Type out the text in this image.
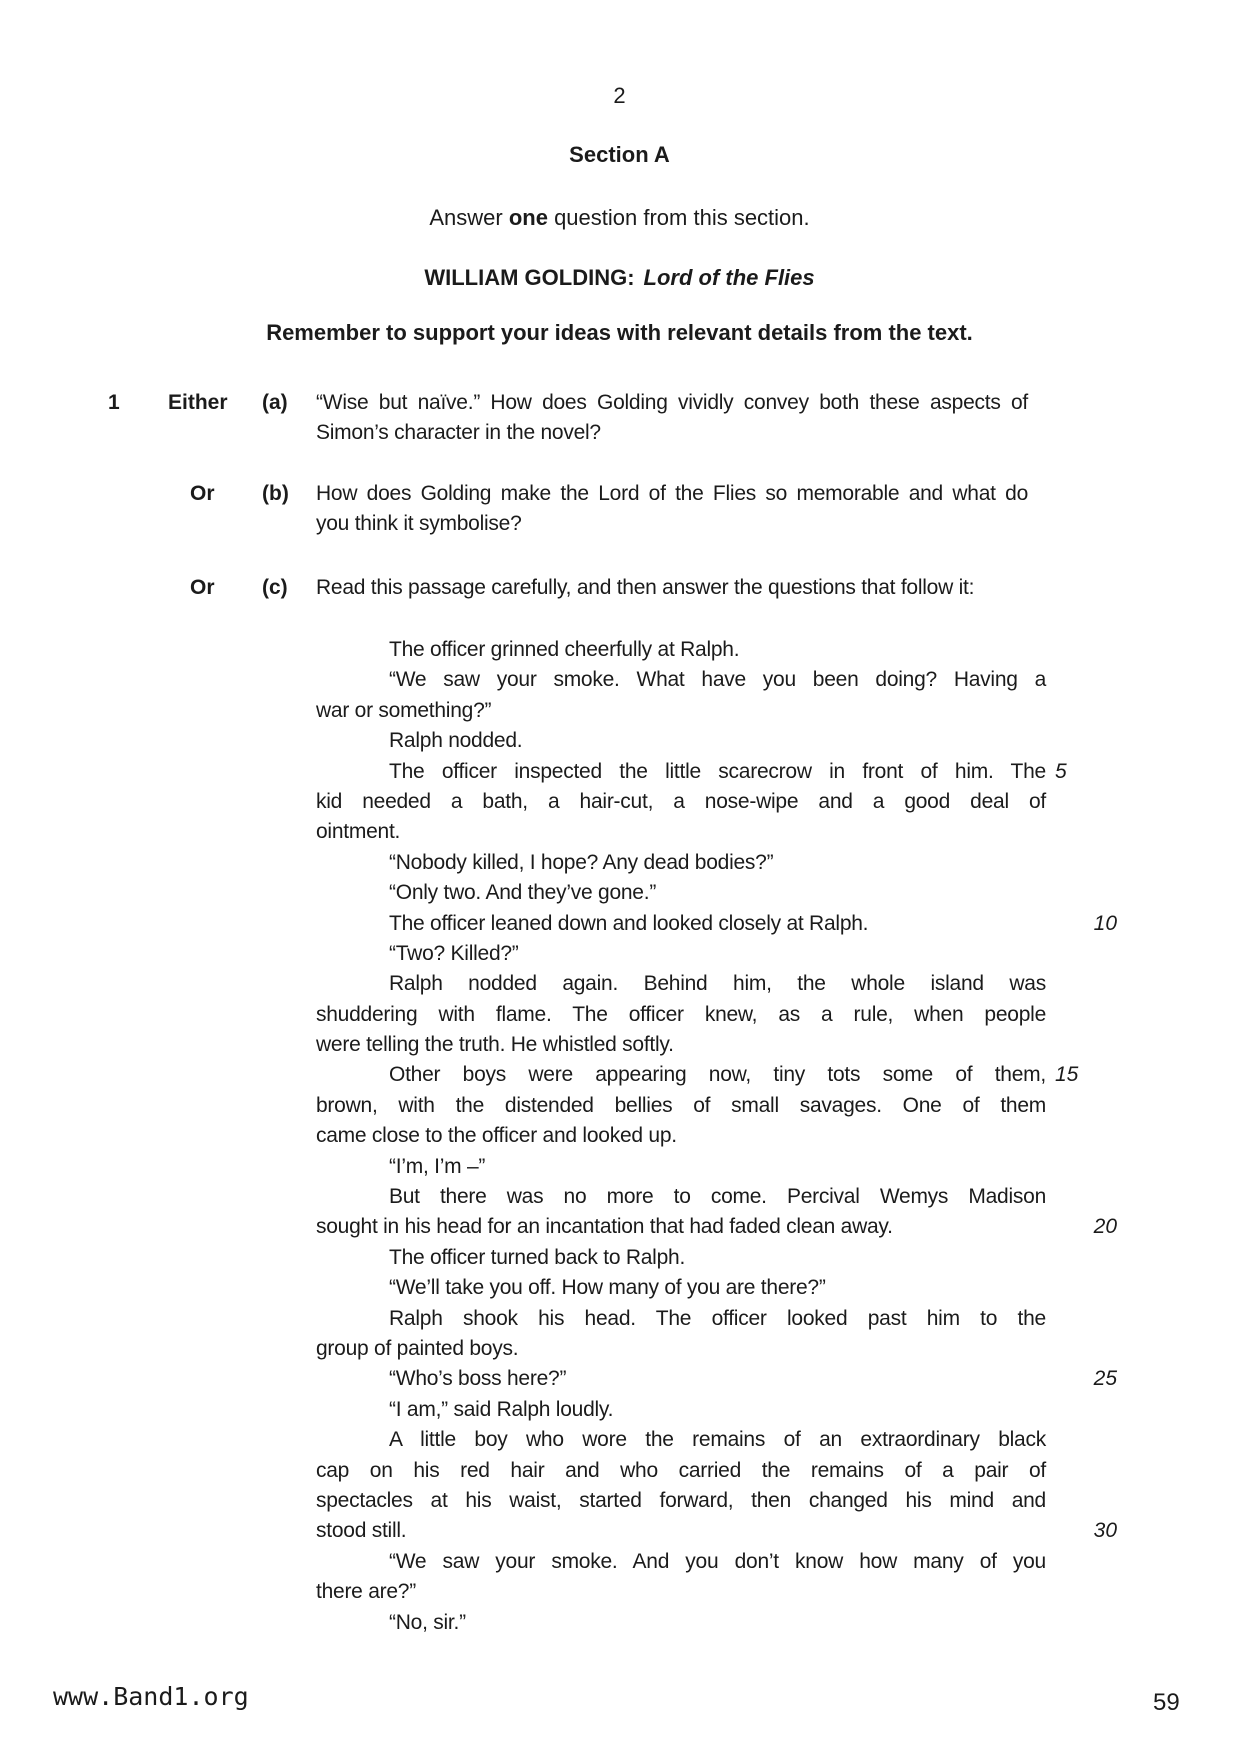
2
Section A
Answer one question from this section.
WILLIAM GOLDING: Lord of the Flies
Remember to support your ideas with relevant details from the text.
1 Either (a) “Wise but naïve.” How does Golding vividly convey both these aspects of
Simon’s character in the novel?
Or (b) How does Golding make the Lord of the Flies so memorable and what do
you think it symbolise?
Or (c) Read this passage carefully, and then answer the questions that follow it:
The officer grinned cheerfully at Ralph.
“We saw your smoke. What have you been doing? Having a
war or something?”
Ralph nodded.
The officer inspected the little scarecrow in front of him. The 5
kid needed a bath, a hair-cut, a nose-wipe and a good deal of
ointment.
“Nobody killed, I hope? Any dead bodies?”
“Only two. And they’ve gone.”
The officer leaned down and looked closely at Ralph.	10
“Two? Killed?”
Ralph nodded again. Behind him, the whole island was
shuddering with flame. The officer knew, as a rule, when people
were telling the truth. He whistled softly.
Other boys were appearing now, tiny tots some of them, 15
brown, with the distended bellies of small savages. One of them
came close to the officer and looked up.
“I’m, I’m –”
But there was no more to come. Percival Wemys Madison
sought in his head for an incantation that had faded clean away.	20
The officer turned back to Ralph.
“We’ll take you off. How many of you are there?”
Ralph shook his head. The officer looked past him to the
group of painted boys.
“Who’s boss here?”	25
“I am,” said Ralph loudly.
A little boy who wore the remains of an extraordinary black
cap on his red hair and who carried the remains of a pair of
spectacles at his waist, started forward, then changed his mind and
stood still.	30
“We saw your smoke. And you don’t know how many of you
there are?”
“No, sir.”
www.Band1.org	59
